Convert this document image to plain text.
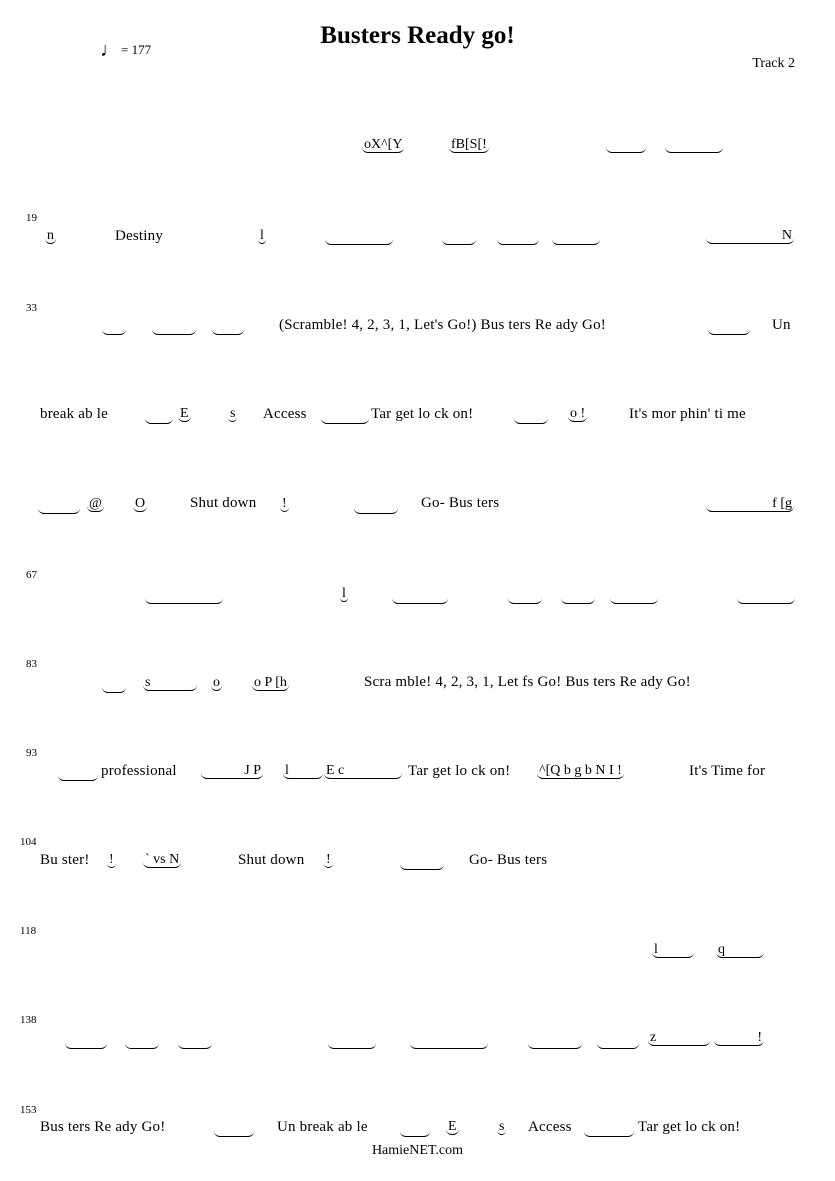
Busters Ready go!
♩ = 177
Track 2
oX^[Y	fB[S[!
19
n	Destiny	l	N
33
(Scramble! 4, 2, 3, 1, Let's Go!) Bus ters Re ady Go!	Un
break ab le	E	s Access	Tar get lo ck on!	o !	It's mor phin' ti me
@ O	Shut down !	Go- Bus ters	f [g
67
l
83
s	o o P [h	Scra mble! 4, 2, 3, 1, Let fs Go! Bus ters Re ady Go!
93
professional	J P l	E c	Tar get lo ck on! ^[Q b g b N I !	It's Time for
104
Bu ster! ! ` vs N	Shut down !	Go- Bus ters
118
l	q
138
z	!
153
Bus ters Re ady Go!	Un break ab le	E	s Access	Tar get lo ck on!
HamieNET.com
